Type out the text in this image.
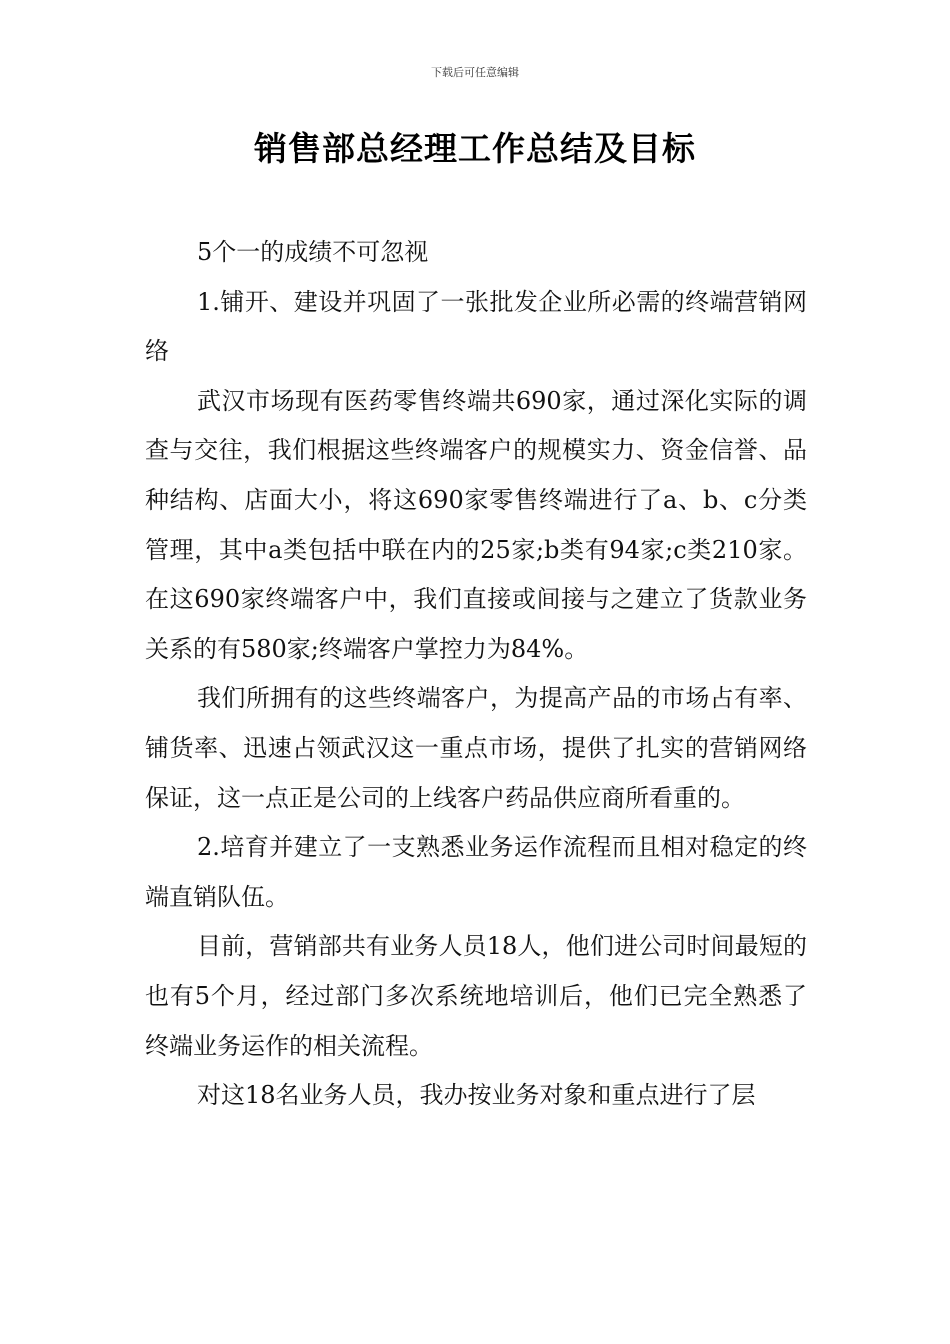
下载后可任意编辑
销售部总经理工作总结及目标

5个一的成绩不可忽视

1.铺开、建设并巩固了一张批发企业所必需的终端营销网络

武汉市场现有医药零售终端共690家，通过深化实际的调查与交往，我们根据这些终端客户的规模实力、资金信誉、品种结构、店面大小，将这690家零售终端进行了a、b、c分类管理，其中a类包括中联在内的25家;b类有94家;c类210家。在这690家终端客户中，我们直接或间接与之建立了货款业务关系的有580家;终端客户掌控力为84%。

我们所拥有的这些终端客户，为提高产品的市场占有率、铺货率、迅速占领武汉这一重点市场，提供了扎实的营销网络保证，这一点正是公司的上线客户药品供应商所看重的。

2.培育并建立了一支熟悉业务运作流程而且相对稳定的终端直销队伍。

目前，营销部共有业务人员18人，他们进公司时间最短的也有5个月，经过部门多次系统地培训后，他们已完全熟悉了终端业务运作的相关流程。

对这18名业务人员，我办按业务对象和重点进行了层
